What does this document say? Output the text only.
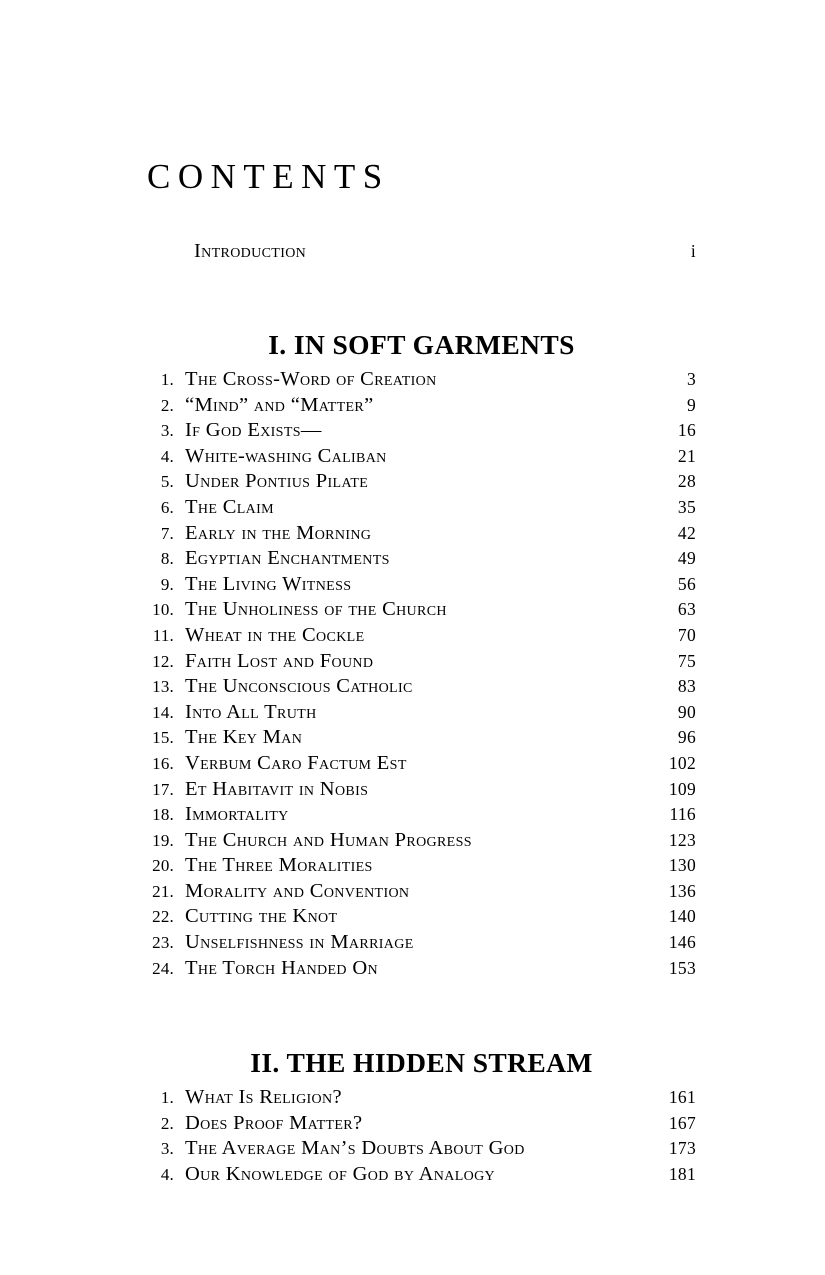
CONTENTS
Introduction	i
I. IN SOFT GARMENTS
1. The Cross-Word of Creation	3
2. “Mind” and “Matter”	9
3. If God Exists—	16
4. White-washing Caliban	21
5. Under Pontius Pilate	28
6. The Claim	35
7. Early in the Morning	42
8. Egyptian Enchantments	49
9. The Living Witness	56
10. The Unholiness of the Church	63
11. Wheat in the Cockle	70
12. Faith Lost and Found	75
13. The Unconscious Catholic	83
14. Into All Truth	90
15. The Key Man	96
16. Verbum Caro Factum Est	102
17. Et Habitavit in Nobis	109
18. Immortality	116
19. The Church and Human Progress	123
20. The Three Moralities	130
21. Morality and Convention	136
22. Cutting the Knot	140
23. Unselfishness in Marriage	146
24. The Torch Handed On	153
II. THE HIDDEN STREAM
1. What Is Religion?	161
2. Does Proof Matter?	167
3. The Average Man’s Doubts About God	173
4. Our Knowledge of God by Analogy	181
